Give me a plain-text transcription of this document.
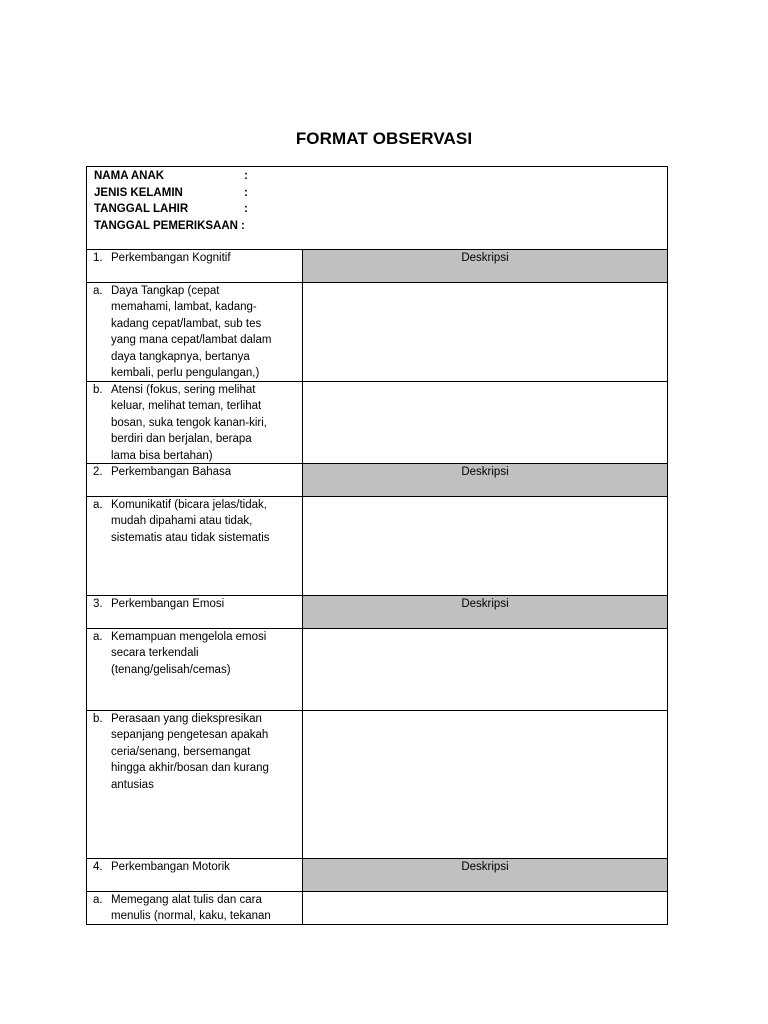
FORMAT OBSERVASI
NAMA ANAK	:
JENIS KELAMIN	:
TANGGAL LAHIR	:
TANGGAL PEMERIKSAAN :
1. Perkembangan Kognitif	Deskripsi
a. Daya Tangkap (cepat
memahami, lambat, kadang-
kadang cepat/lambat, sub tes
yang mana cepat/lambat dalam
daya tangkapnya, bertanya
kembali, perlu pengulangan,)
b. Atensi (fokus, sering melihat
keluar, melihat teman, terlihat
bosan, suka tengok kanan-kiri,
berdiri dan berjalan, berapa
lama bisa bertahan)
2. Perkembangan Bahasa	Deskripsi
a. Komunikatif (bicara jelas/tidak,
mudah dipahami atau tidak,
sistematis atau tidak sistematis
3. Perkembangan Emosi	Deskripsi
a. Kemampuan mengelola emosi
secara terkendali
(tenang/gelisah/cemas)
b. Perasaan yang diekspresikan
sepanjang pengetesan apakah
ceria/senang, bersemangat
hingga akhir/bosan dan kurang
antusias
4. Perkembangan Motorik	Deskripsi
a. Memegang alat tulis dan cara
menulis (normal, kaku, tekanan
